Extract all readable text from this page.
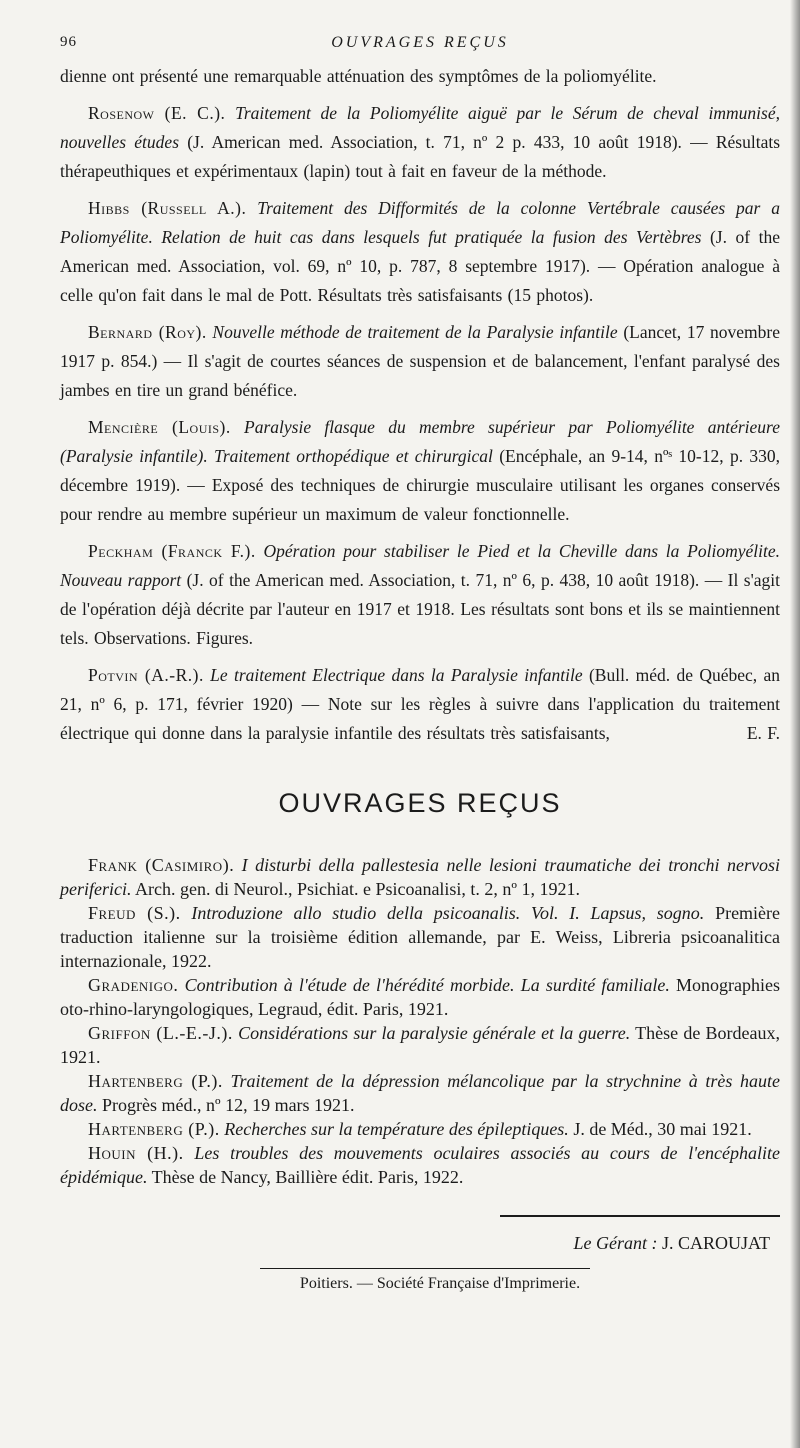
96	OUVRAGES REÇUS

dienne ont présenté une remarquable atténuation des symptômes de la poliomyélite.

Rosenow (E. C.). Traitement de la Poliomyélite aiguë par le Sérum de cheval immunisé, nouvelles études (J. American med. Association, t. 71, nº 2 p. 433, 10 août 1918). — Résultats thérapeuthiques et expérimentaux (lapin) tout à fait en faveur de la méthode.

Hibbs (Russell A.). Traitement des Difformités de la colonne Vertébrale causées par a Poliomyélite. Relation de huit cas dans lesquels fut pratiquée la fusion des Vertèbres (J. of the American med. Association, vol. 69, nº 10, p. 787, 8 septembre 1917). — Opération analogue à celle qu'on fait dans le mal de Pott. Résultats très satisfaisants (15 photos).

Bernard (Roy). Nouvelle méthode de traitement de la Paralysie infantile (Lancet, 17 novembre 1917 p. 854.) — Il s'agit de courtes séances de suspension et de balancement, l'enfant paralysé des jambes en tire un grand bénéfice.

Mencière (Louis). Paralysie flasque du membre supérieur par Poliomyélite antérieure (Paralysie infantile). Traitement orthopédique et chirurgical (Encéphale, an 9-14, nºˢ 10-12, p. 330, décembre 1919). — Exposé des techniques de chirurgie musculaire utilisant les organes conservés pour rendre au membre supérieur un maximum de valeur fonctionnelle.

Peckham (Franck F.). Opération pour stabiliser le Pied et la Cheville dans la Poliomyélite. Nouveau rapport (J. of the American med. Association, t. 71, nº 6, p. 438, 10 août 1918). — Il s'agit de l'opération déjà décrite par l'auteur en 1917 et 1918. Les résultats sont bons et ils se maintiennent tels. Observations. Figures.

Potvin (A.-R.). Le traitement Electrique dans la Paralysie infantile (Bull. méd. de Québec, an 21, nº 6, p. 171, février 1920) — Note sur les règles à suivre dans l'application du traitement électrique qui donne dans la paralysie infantile des résultats très satisfaisants,	E. F.

OUVRAGES REÇUS

Frank (Casimiro). I disturbi della pallestesia nelle lesioni traumatiche dei tronchi nervosi periferici. Arch. gen. di Neurol., Psichiat. e Psicoanalisi, t. 2, nº 1, 1921.

Freud (S.). Introduzione allo studio della psicoanalis. Vol. I. Lapsus, sogno. Première traduction italienne sur la troisième édition allemande, par E. Weiss, Libreria psicoanalitica internazionale, 1922.

Gradenigo. Contribution à l'étude de l'hérédité morbide. La surdité familiale. Monographies oto-rhino-laryngologiques, Legraud, édit. Paris, 1921.

Griffon (L.-E.-J.). Considérations sur la paralysie générale et la guerre. Thèse de Bordeaux, 1921.

Hartenberg (P.). Traitement de la dépression mélancolique par la strychnine à très haute dose. Progrès méd., nº 12, 19 mars 1921.

Hartenberg (P.). Recherches sur la température des épileptiques. J. de Méd., 30 mai 1921.

Houin (H.). Les troubles des mouvements oculaires associés au cours de l'encéphalite épidémique. Thèse de Nancy, Baillière édit. Paris, 1922.

Le Gérant : J. CAROUJAT
Poitiers. — Société Française d'Imprimerie.
